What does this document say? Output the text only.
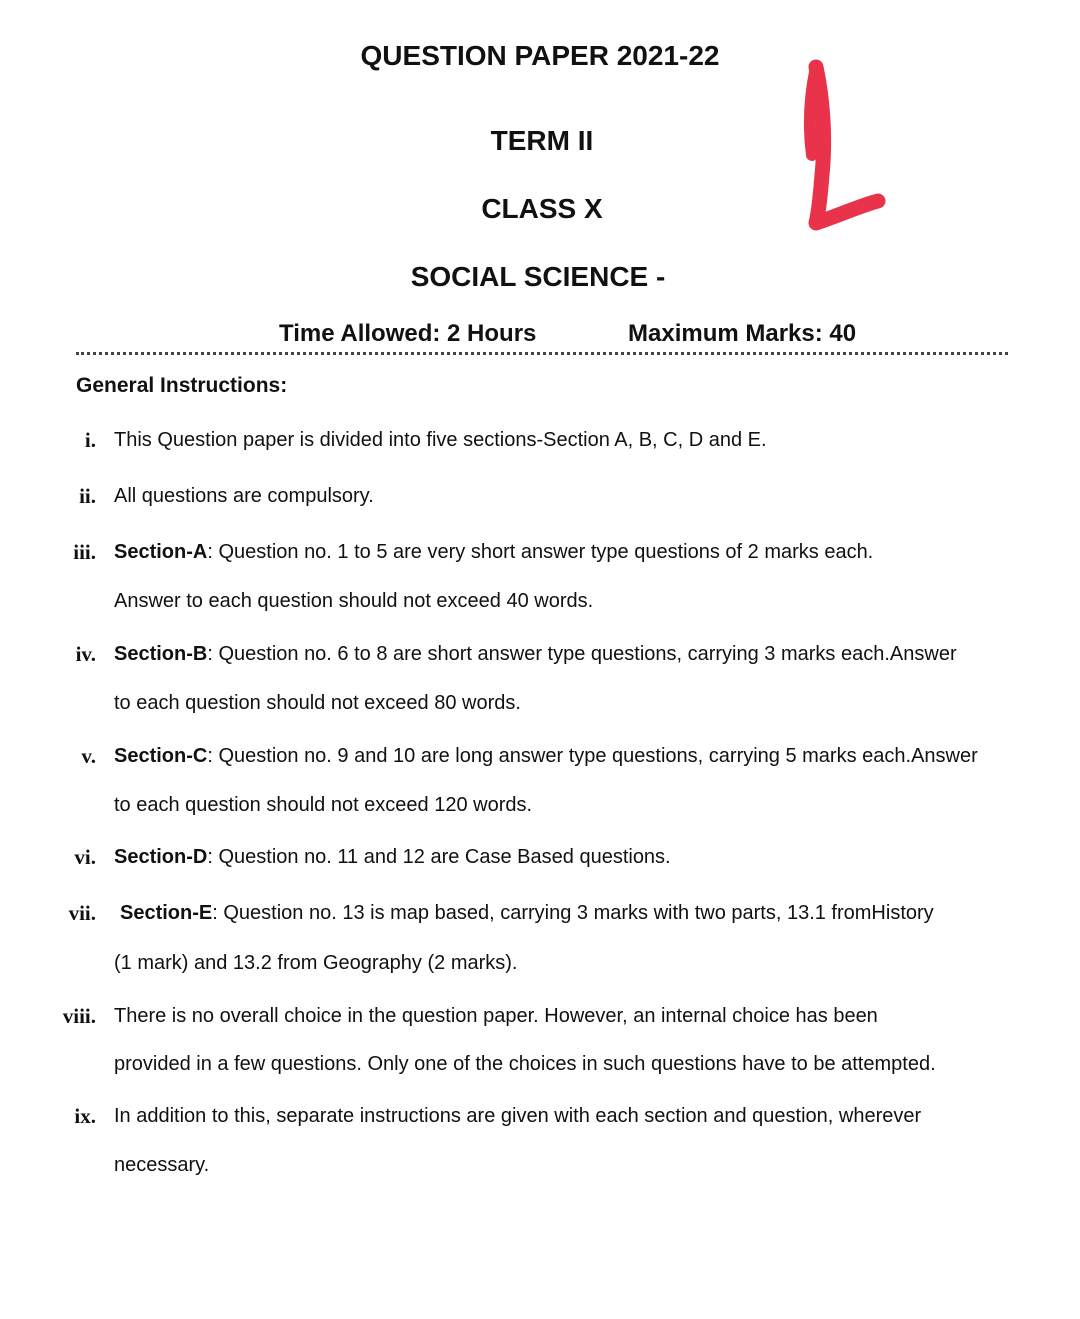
QUESTION PAPER 2021-22
TERM II
CLASS X
SOCIAL SCIENCE -
Time Allowed: 2 Hours	Maximum Marks: 40
General Instructions:
i. This Question paper is divided into five sections-Section A, B, C, D and E.
ii. All questions are compulsory.
iii. Section-A: Question no. 1 to 5 are very short answer type questions of 2 marks each.
Answer to each question should not exceed 40 words.
iv. Section-B: Question no. 6 to 8 are short answer type questions, carrying 3 marks each.Answer
to each question should not exceed 80 words.
v. Section-C: Question no. 9 and 10 are long answer type questions, carrying 5 marks each.Answer
to each question should not exceed 120 words.
vi. Section-D: Question no. 11 and 12 are Case Based questions.
vii. Section-E: Question no. 13 is map based, carrying 3 marks with two parts, 13.1 fromHistory
(1 mark) and 13.2 from Geography (2 marks).
viii. There is no overall choice in the question paper. However, an internal choice has been
provided in a few questions. Only one of the choices in such questions have to be attempted.
ix. In addition to this, separate instructions are given with each section and question, wherever
necessary.
